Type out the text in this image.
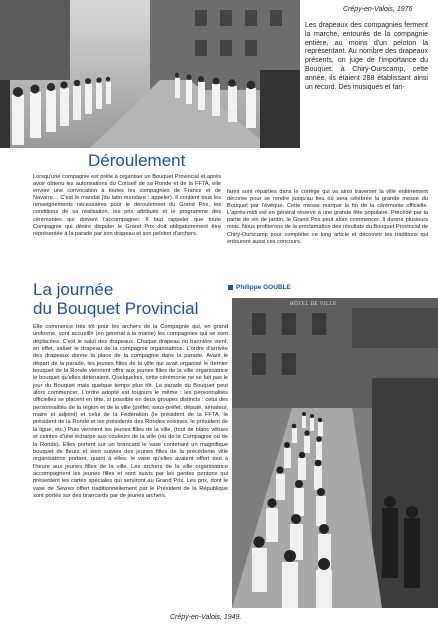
Crépy-en-Valois, 1976
Les drapeaux des compagnies ferment la marche, entourés de la compagnie entière, au moins d'un peloton la représentant. Au nombre des drapeaux présents, on juge de l'importance du Bouquet: à Chiry-Ourscamp, cette année, ils étaient 288 établissant ainsi un record. Des musiques et fan-
Déroulement
Lorsqu'une compagnie est prête à organiser un Bouquet Provincial et après avoir obtenu les autorisations du Conseil de sa Ronde et de la FFTA, elle envoie une convocation à toutes les compagnies de France et de Navarre… C'est le mandat (du latin mandare : appeler). Il contient tous les renseignements nécessaires pour le déroulement du Grand Prix, les conditions de sa réalisation, les prix attribués et le programme des cérémonies qui doivent l'accompagner. Il faut rappeler que toute Compagnie qui désire disputer le Grand Prix doit obligatoirement être représentée à la parade par son drapeau et son peloton d'archers.
fares sont réparties dans le cortège qui va ainsi traverser la ville entièrement décorée pour se rendre jusqu'au lieu où sera célébrée la grande messe du Bouquet par l'évêque. Cette messe marque la fin de la cérémonie officielle. L'après-midi est en général réservé à une grande fête populaire. Précédé par la partie de vin de jardin, le Grand Prix peut alors commencer. Il durera plusieurs mois. Nous profiterons de la proclamation des résultats du Bouquet Provincial de Chiry-Ourscamp pour compléter ce long article et découvrir les traditions qui entourent aussi ces concours.
Philippe GOUBLE
La journée
du Bouquet Provincial
Elle commence très tôt pour les archers de la Compagnie qui, en grand uniforme, vont accueillir (en général à la mairie) les compagnies qui se sont déplacées. C'est le salut des drapeaux. Chaque drapeau ou bannière vient, en effet, saluer le drapeau de la compagnie organisatrice. L'ordre d'arrivée des drapeaux donne la place de la compagnie dans la parade. Avant le départ de la parade, les jeunes filles de la ville qui avait organisé le dernier bouquet de la Ronde viennent offrir aux jeunes filles de la ville organisatrice le bouquet qu'elles détenaient. Quelquefois, cette cérémonie ne se fait pas le jour du Bouquet mais quelque temps plus tôt. La parade du Bouquet peut alors commencer. L'ordre adopté est toujours le même : les personnalités officielles se placent en tête, si possible en deux groupes distincts : celui des personnalités de la région et de la ville (préfet, sous-préfet, député, sénateur, maire et adjoint) et celui de la Fédération (le président de la FFTA, le président de la Ronde et les présidents des Rondes voisines, le président de la ligue, etc.) Puis viennent les jeunes filles de la ville, (tout de blanc vêtues et ceintes d'une écharpe aux couleurs de la ville (ou de la Compagnie ou de la Ronde). Elles portent sur un brancard le vase contenant un magnifique bouquet de fleurs et sont suivies des jeunes filles de la précédente ville organisatrice portant, quant à elles, le vase qu'elles avaient offert tout à l'heure aux jeunes filles de la ville. Les archers de la ville organisatrice accompagnent les jeunes filles et sont suivis par les gardes pontons qui présentent les cartes spéciales qui serviront au Grand Prix. Les prix, dont le vase de Sèvres offert traditionnellement par le Président de la République sont portés sur des brancards par de jeunes archers.
HÔTEL DE VILLE
Crépy-en-Valois, 1949.
